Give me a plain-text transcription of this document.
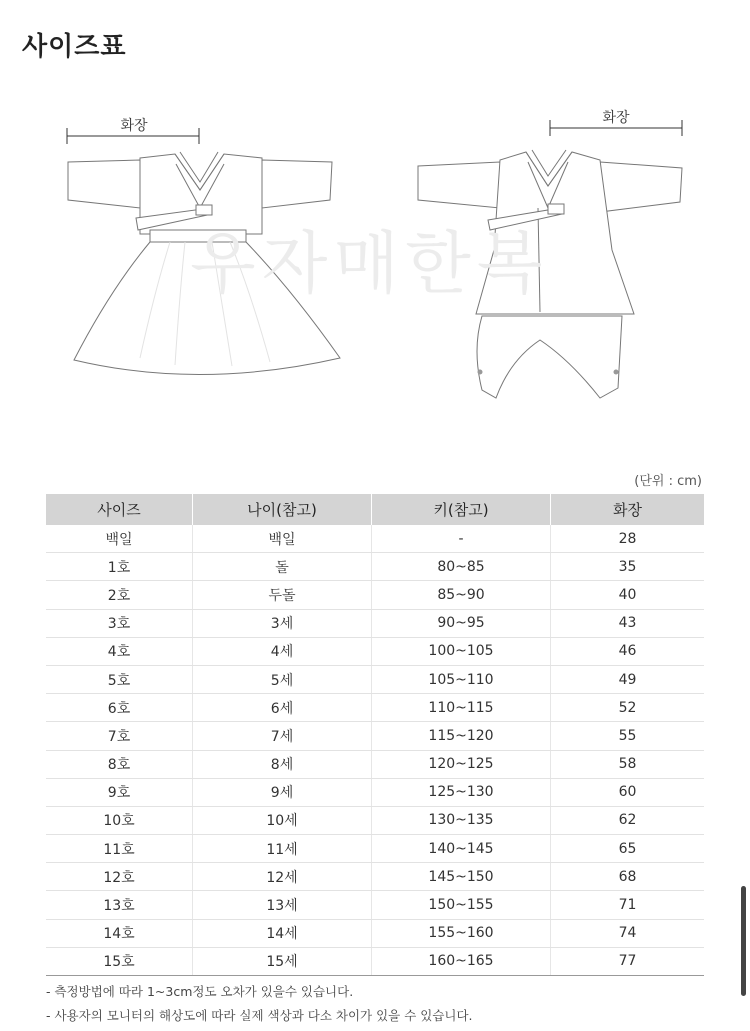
사이즈표
화장	화장
우자매한복
(단위 : cm)
사이즈	나이(참고)	키(참고)	화장
백일	백일	-	28
1호	돌	80~85	35
2호	두돌	85~90	40
3호	3세	90~95	43
4호	4세	100~105	46
5호	5세	105~110	49
6호	6세	110~115	52
7호	7세	115~120	55
8호	8세	120~125	58
9호	9세	125~130	60
10호	10세	130~135	62
11호	11세	140~145	65
12호	12세	145~150	68
13호	13세	150~155	71
14호	14세	155~160	74
15호	15세	160~165	77
- 측정방법에 따라 1~3cm정도 오차가 있을수 있습니다.
- 사용자의 모니터의 해상도에 따라 실제 색상과 다소 차이가 있을 수 있습니다.
